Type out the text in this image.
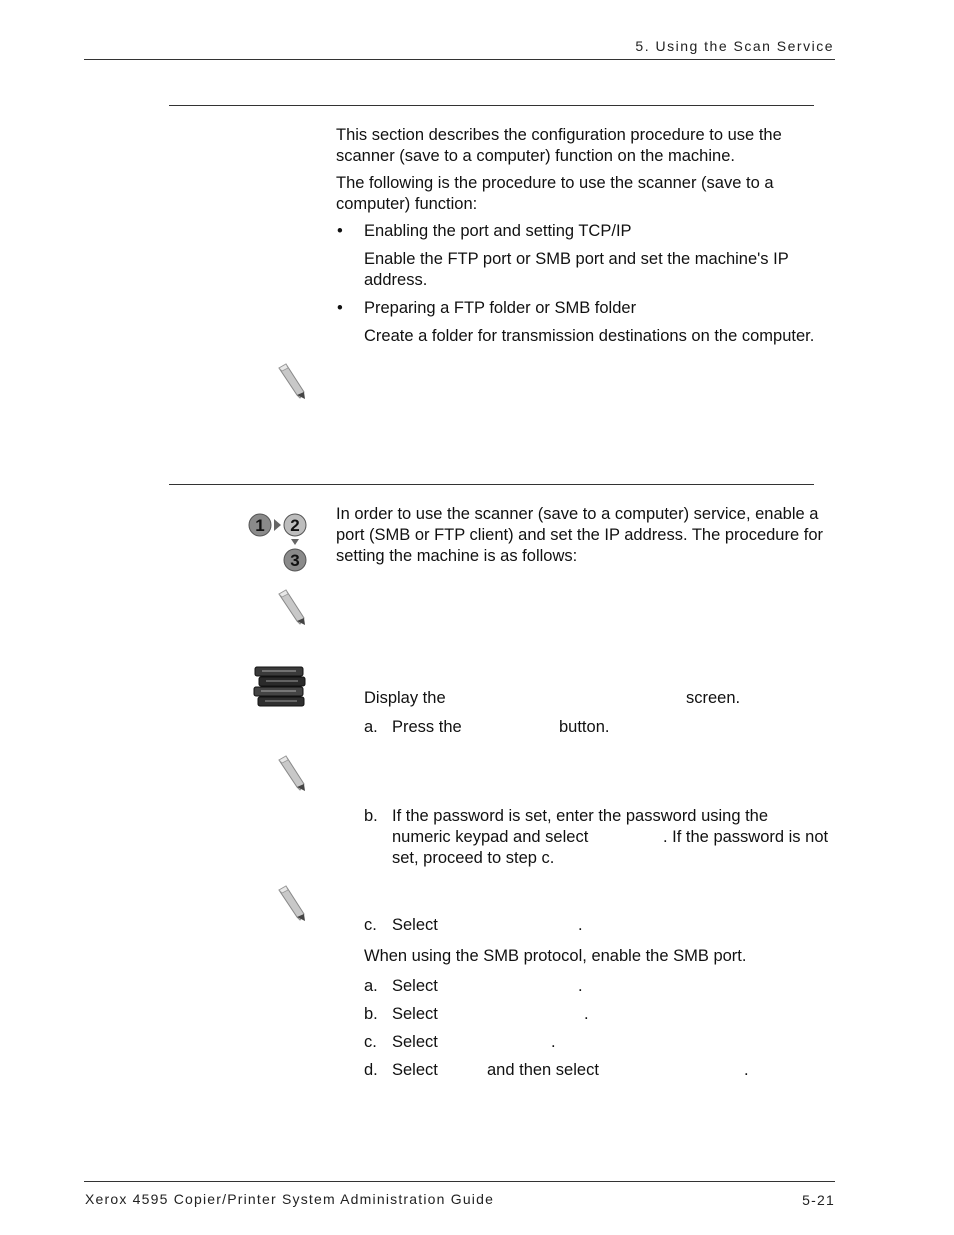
5. Using the Scan Service
This section describes the configuration procedure to use the scanner (save to a computer) function on the machine.
The following is the procedure to use the scanner (save to a computer) function:
• Enabling the port and setting TCP/IP
Enable the FTP port or SMB port and set the machine's IP address.
• Preparing a FTP folder or SMB folder
Create a folder for transmission destinations on the computer.
1 2
3
In order to use the scanner (save to a computer) service, enable a port (SMB or FTP client) and set the IP address. The procedure for setting the machine is as follows:
Display the	screen.
a. Press the	button.
b. If the password is set, enter the password using the
numeric keypad and select	. If the password is not
set, proceed to step c.
c. Select	.
When using the SMB protocol, enable the SMB port.
a. Select	.
b. Select	.
c. Select	.
d. Select	and then select	.
Xerox 4595 Copier/Printer System Administration Guide	5-21
